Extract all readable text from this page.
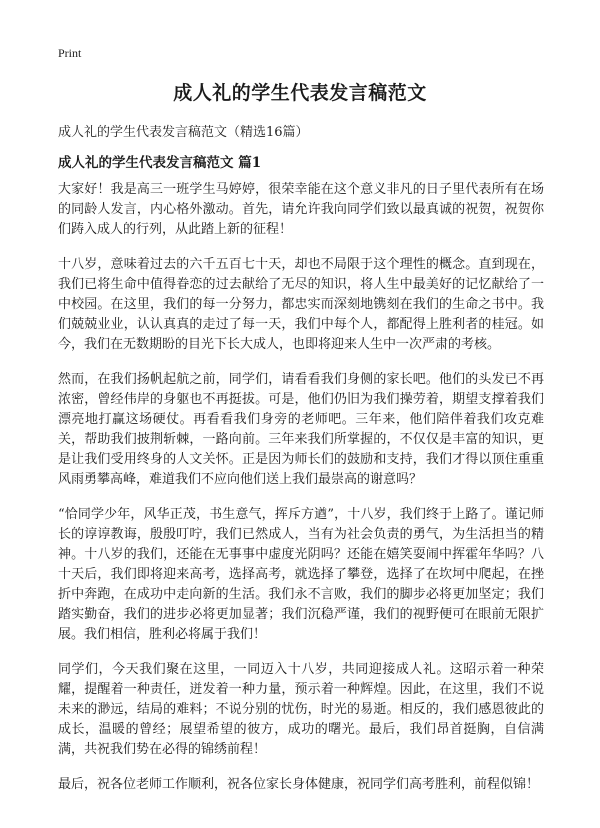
Print
成人礼的学生代表发言稿范文
成人礼的学生代表发言稿范文（精选16篇）
成人礼的学生代表发言稿范文 篇1

大家好！我是高三一班学生马婷婷，很荣幸能在这个意义非凡的日子里代表所有在场的同龄人发言，内心格外激动。首先，请允许我向同学们致以最真诚的祝贺，祝贺你们踌入成人的行列，从此踏上新的征程！

十八岁，意味着过去的六千五百七十天，却也不局限于这个理性的概念。直到现在，我们已将生命中值得眷恋的过去献给了无尽的知识，将人生中最美好的记忆献给了一中校园。在这里，我们的每一分努力，都忠实而深刻地镌刻在我们的生命之书中。我们兢兢业业，认认真真的走过了每一天，我们中每个人，都配得上胜利者的桂冠。如今，我们在无数期盼的目光下长大成人，也即将迎来人生中一次严肃的考核。

然而，在我们扬帆起航之前，同学们，请看看我们身侧的家长吧。他们的头发已不再浓密，曾经伟岸的身躯也不再挺拔。可是，他们仍旧为我们操劳着，期望支撑着我们漂亮地打赢这场硬仗。再看看我们身旁的老师吧。三年来，他们陪伴着我们攻克难关，帮助我们披荆斩棘，一路向前。三年来我们所掌握的，不仅仅是丰富的知识，更是让我们受用终身的人文关怀。正是因为师长们的鼓励和支持，我们才得以顶住重重风雨勇攀高峰，难道我们不应向他们送上我们最崇高的谢意吗？

“恰同学少年，风华正茂，书生意气，挥斥方遒”，十八岁，我们终于上路了。谨记师长的谆谆教诲，殷殷叮咛，我们已然成人，当有为社会负责的勇气，为生活担当的精神。十八岁的我们，还能在无事事中虚度光阴吗？还能在嬉笑耍闹中挥霍年华吗？八十天后，我们即将迎来高考，选择高考，就选择了攀登，选择了在坎坷中爬起，在挫折中奔跑，在成功中走向新的生活。我们永不言败，我们的脚步必将更加坚定；我们踏实勤奋，我们的进步必将更加显著；我们沉稳严谨，我们的视野便可在眼前无限扩展。我们相信，胜利必将属于我们！

同学们，今天我们聚在这里，一同迈入十八岁，共同迎接成人礼。这昭示着一种荣耀，提醒着一种责任，迸发着一种力量，预示着一种辉煌。因此，在这里，我们不说未来的渺远，结局的难料；不说分别的忧伤，时光的易逝。相反的，我们感恩彼此的成长，温暖的曾经；展望希望的彼方，成功的曙光。最后，我们昂首挺胸，自信满满，共祝我们势在必得的锦绣前程！

最后，祝各位老师工作顺利，祝各位家长身体健康，祝同学们高考胜利，前程似锦！
